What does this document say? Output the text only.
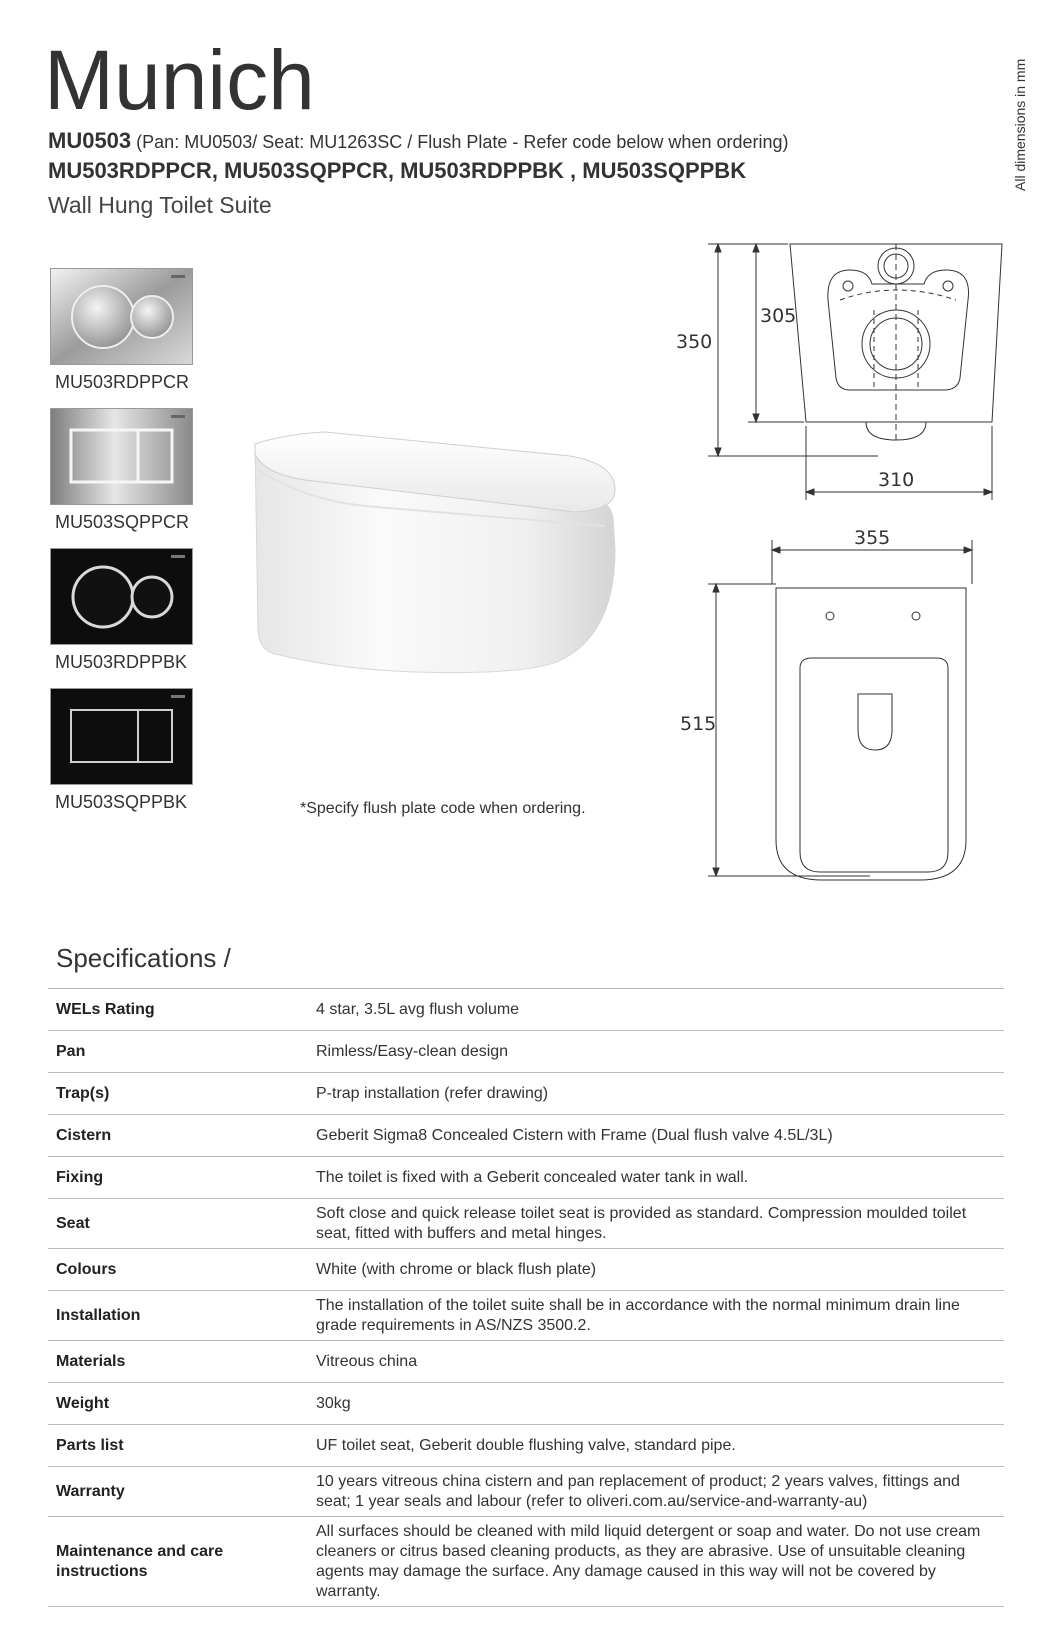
Munich
MU0503 (Pan: MU0503/ Seat: MU1263SC / Flush Plate - Refer code below when ordering)
MU503RDPPCR, MU503SQPPCR, MU503RDPPBK , MU503SQPPBK
Wall Hung Toilet Suite
All dimensions in mm
MU503RDPPCR
MU503SQPPCR
MU503RDPPBK
MU503SQPPBK	*Specify flush plate code when ordering.
305
350
310
355
515
Specifications /
WELs Rating	4 star, 3.5L avg flush volume
Pan	Rimless/Easy-clean design
Trap(s)	P-trap installation (refer drawing)
Cistern	Geberit Sigma8 Concealed Cistern with Frame (Dual flush valve 4.5L/3L)
Fixing	The toilet is fixed with a Geberit concealed water tank in wall.
Seat	Soft close and quick release toilet seat is provided as standard. Compression moulded toilet seat, fitted with buffers and metal hinges.
Colours	White (with chrome or black flush plate)
Installation	The installation of the toilet suite shall be in accordance with the normal minimum drain line grade requirements in AS/NZS 3500.2.
Materials	Vitreous china
Weight	30kg
Parts list	UF toilet seat, Geberit double flushing valve, standard pipe.
Warranty	10 years vitreous china cistern and pan replacement of product; 2 years valves, fittings and seat; 1 year seals and labour (refer to oliveri.com.au/service-and-warranty-au)
Maintenance and care instructions	All surfaces should be cleaned with mild liquid detergent or soap and water. Do not use cream cleaners or citrus based cleaning products, as they are abrasive. Use of unsuitable cleaning agents may damage the surface. Any damage caused in this way will not be covered by warranty.
